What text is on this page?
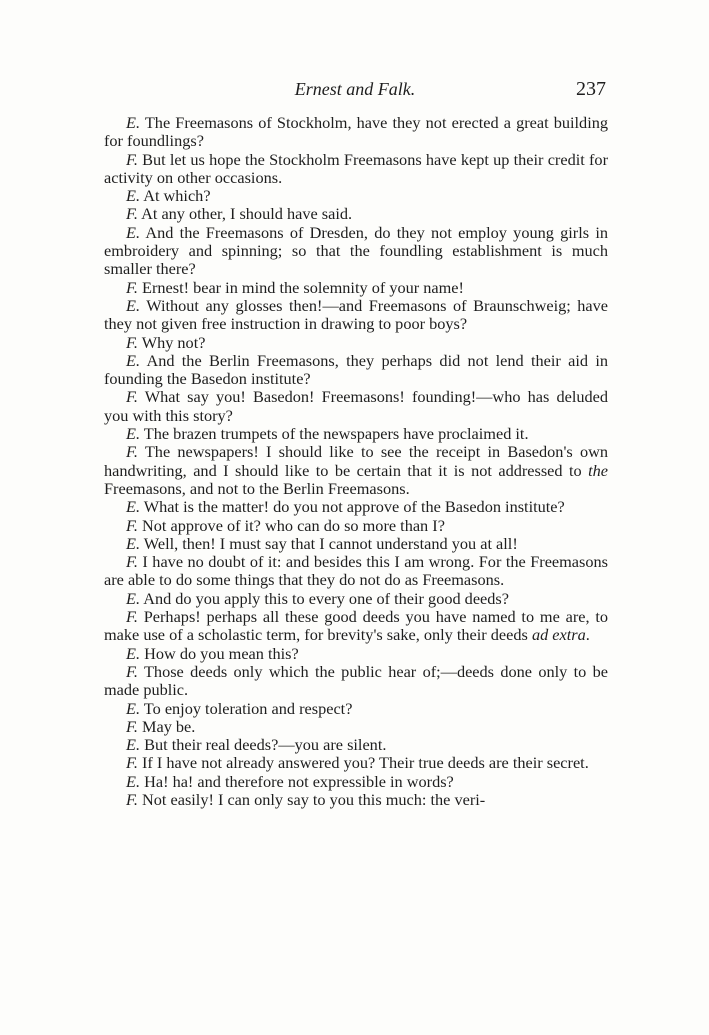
Ernest and Falk.	237

E. The Freemasons of Stockholm, have they not erected a great building for foundlings?

F. But let us hope the Stockholm Freemasons have kept up their credit for activity on other occasions.

E. At which?

F. At any other, I should have said.

E. And the Freemasons of Dresden, do they not employ young girls in embroidery and spinning; so that the foundling establishment is much smaller there?

F. Ernest! bear in mind the solemnity of your name!

E. Without any glosses then!—and Freemasons of Braunschweig; have they not given free instruction in drawing to poor boys?

F. Why not?

E. And the Berlin Freemasons, they perhaps did not lend their aid in founding the Basedon institute?

F. What say you! Basedon! Freemasons! founding!—who has deluded you with this story?

E. The brazen trumpets of the newspapers have proclaimed it.

F. The newspapers! I should like to see the receipt in Basedon's own handwriting, and I should like to be certain that it is not addressed to the Freemasons, and not to the Berlin Freemasons.

E. What is the matter! do you not approve of the Basedon institute?

F. Not approve of it? who can do so more than I?

E. Well, then! I must say that I cannot understand you at all!

F. I have no doubt of it: and besides this I am wrong. For the Freemasons are able to do some things that they do not do as Freemasons.

E. And do you apply this to every one of their good deeds?

F. Perhaps! perhaps all these good deeds you have named to me are, to make use of a scholastic term, for brevity's sake, only their deeds ad extra.

E. How do you mean this?

F. Those deeds only which the public hear of;—deeds done only to be made public.

E. To enjoy toleration and respect?

F. May be.

E. But their real deeds?—you are silent.

F. If I have not already answered you? Their true deeds are their secret.

E. Ha! ha! and therefore not expressible in words?

F. Not easily! I can only say to you this much: the veri-
